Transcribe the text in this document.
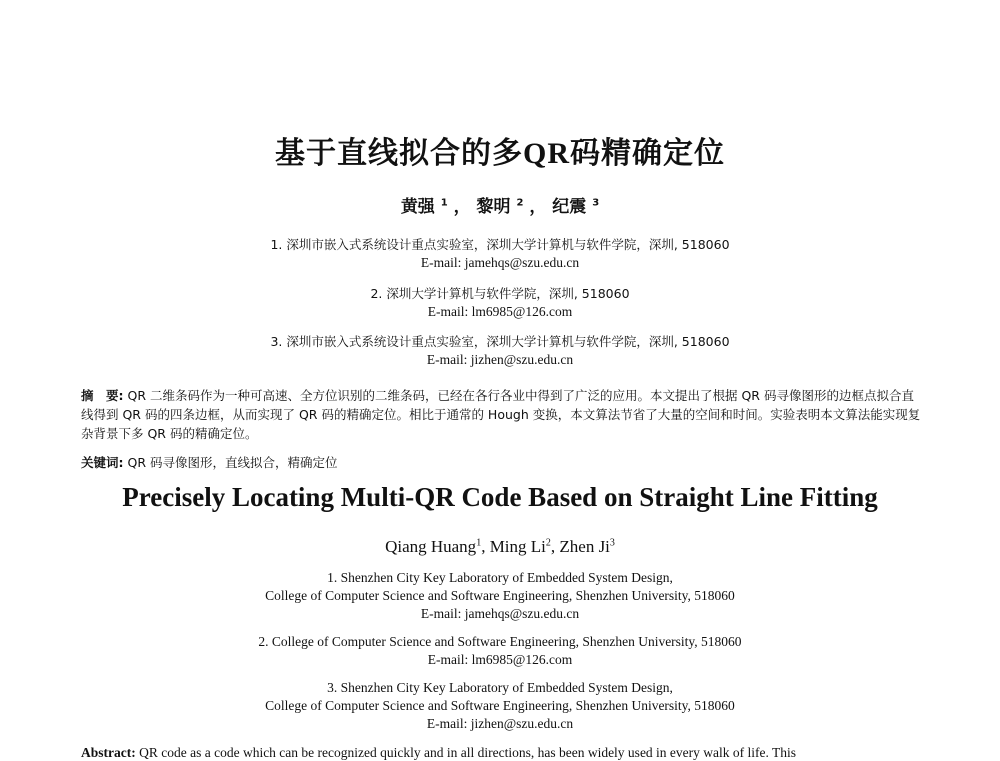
基于直线拟合的多QR码精确定位
黄强 $^1$ ， 黎明 $^2$ ， 纪震 $^3$
1. 深圳市嵌入式系统设计重点实验室，深圳大学计算机与软件学院，深圳, 518060
E-mail: jamehqs@szu.edu.cn
2. 深圳大学计算机与软件学院，深圳, 518060
E-mail: lm6985@126.com
3. 深圳市嵌入式系统设计重点实验室，深圳大学计算机与软件学院，深圳, 518060
E-mail: jizhen@szu.edu.cn
摘　要: QR 二维条码作为一种可高速、全方位识别的二维条码，已经在各行各业中得到了广泛的应用。本文提出了根据 QR 码寻像图形的边框点拟合直线得到 QR 码的四条边框，从而实现了 QR 码的精确定位。相比于通常的 Hough 变换，本文算法节省了大量的空间和时间。实验表明本文算法能实现复杂背景下多 QR 码的精确定位。
关键词: QR 码寻像图形，直线拟合，精确定位
Precisely Locating Multi-QR Code Based on Straight Line Fitting
Qiang Huang$^1$, Ming Li$^2$, Zhen Ji$^3$
1. Shenzhen City Key Laboratory of Embedded System Design,
College of Computer Science and Software Engineering, Shenzhen University, 518060
E-mail: jamehqs@szu.edu.cn
2. College of Computer Science and Software Engineering, Shenzhen University, 518060
E-mail: lm6985@126.com
3. Shenzhen City Key Laboratory of Embedded System Design,
College of Computer Science and Software Engineering, Shenzhen University, 518060
E-mail: jizhen@szu.edu.cn
Abstract: QR code as a code which can be recognized quickly and in all directions, has been widely used in every walk of life. This
